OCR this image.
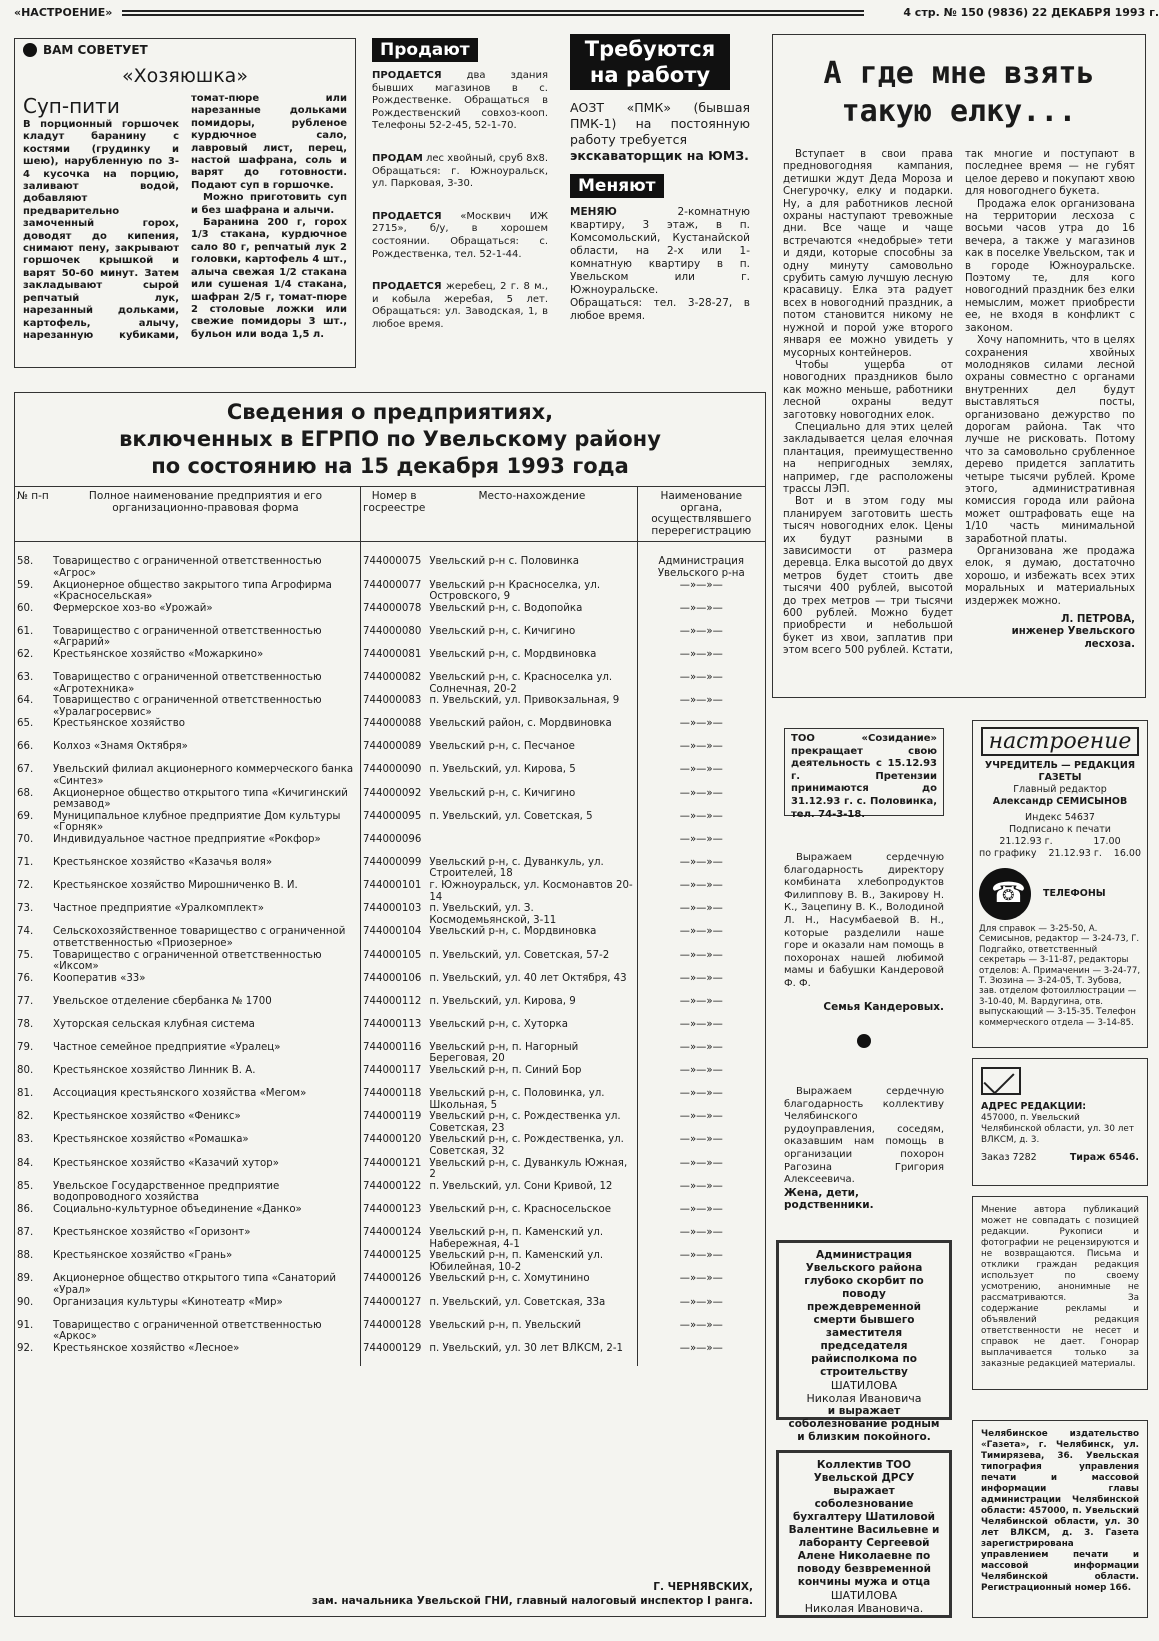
«НАСТРОЕНИЕ»	4 стр. № 150 (9836) 22 ДЕКАБРЯ 1993 г.
ВАМ СОВЕТУЕТ
«Хозяюшка»
Суп-пити

В порционный горшочек кладут баранину с костями (грудинку и шею), нарубленную по 3-4 кусочка на порцию, заливают водой, добавляют предварительно замоченный горох, доводят до кипения, снимают пену, закрывают горшочек крышкой и варят 50-60 минут. Затем закладывают сырой репчатый лук, нарезанный дольками, картофель, алычу, нарезанную кубиками, томат-пюре или нарезанные дольками помидоры, рубленое курдючное сало, лавровый лист, перец, настой шафрана, соль и варят до готовности. Подают суп в горшочке.

Можно приготовить суп и без шафрана и алычи.

Баранина 200 г, горох 1/3 стакана, курдючное сало 80 г, репчатый лук 2 головки, картофель 4 шт., алыча свежая 1/2 стакана или сушеная 1/4 стакана, шафран 2/5 г, томат-пюре 2 столовые ложки или свежие помидоры 3 шт., бульон или вода 1,5 л.

Продают

ПРОДАЕТСЯ	два здания бывших магазинов в с. Рождественке. Обращаться в Рождественский совхоз-кооп. Телефоны 52-2-45, 52-1-70.

ПРОДАМ лес хвойный, сруб 8х8. Обращаться: г. Южноуральск, ул. Парковая, 3-30.

ПРОДАЕТСЯ «Москвич ИЖ 2715», б/у, в хорошем состоянии. Обращаться: с. Рождественка, тел. 52-1-44.

ПРОДАЕТСЯ жеребец, 2 г. 8 м., и кобыла жеребая, 5 лет. Обращаться: ул. Заводская, 1, в любое время.

Требуются
на работу

АОЗТ «ПМК» (бывшая ПМК-1) на постоянную работу требуется

экскаваторщик на ЮМЗ.

Меняют

МЕНЯЮ	2-комнатную квартиру, 3 этаж, в п. Комсомольский, Кустанайской области, на 2-х или 1-комнатную квартиру в п. Увельском или г. Южноуральске.

Обращаться: тел. 3-28-27, в любое время.

А где мне взять такую елку...

Вступает в свои права предновогодняя кампания, детишки ждут Деда Мороза и Снегурочку, елку и подарки. Ну, а для работников лесной охраны наступают тревожные дни. Все чаще и чаще встречаются «недобрые» тети и дяди, которые способны за одну минуту самовольно срубить самую лучшую лесную красавицу. Елка эта радует всех в новогодний праздник, а потом становится никому не нужной и порой уже второго января ее можно увидеть у мусорных контейнеров.

Чтобы ущерба от новогодних праздников было как можно меньше, работники лесной охраны ведут заготовку новогодних елок.

Специально для этих целей закладывается целая елочная плантация, преимущественно на непригодных землях, например, где расположены трассы ЛЭП.

Вот и в этом году мы планируем заготовить шесть тысяч новогодних елок. Цены их будут разными в зависимости от размера деревца. Елка высотой до двух метров будет стоить две тысячи 400 рублей, высотой до трех метров — три тысячи 600 рублей. Можно будет приобрести и небольшой букет из хвои, заплатив при этом всего 500 рублей. Кстати, так многие и поступают в последнее время — не губят целое дерево и покупают хвою для новогоднего букета.

Продажа елок организована на территории лесхоза с восьми часов утра до 16 вечера, а также у магазинов как в поселке Увельском, так и в городе Южноуральске. Поэтому те, для кого новогодний праздник без елки немыслим, может приобрести ее, не входя в конфликт с законом.

Хочу напомнить, что в целях сохранения хвойных молодняков силами лесной охраны совместно с органами внутренних дел будут выставляться посты, организовано дежурство по дорогам района. Так что лучше не рисковать. Потому что за самовольно срубленное дерево придется заплатить четыре тысячи рублей. Кроме этого, административная комиссия города или района может оштрафовать еще на 1/10 часть минимальной заработной платы.

Организована же продажа елок, я думаю, достаточно хорошо, и избежать всех этих моральных и материальных издержек можно.

Л. ПЕТРОВА,

инженер Увельского лесхоза.

Сведения о предприятиях,
включенных в ЕГРПО по Увельскому району
по состоянию на 15 декабря 1993 года
№ п-п	Полное наименование предприятия и его организационно-правовая форма	Номер в госреестре	Место-нахождение	Наименование органа, осуществлявшего перерегистрацию
58.	Товарищество с ограниченной ответственностью «Агрос»	744000075	Увельский р-н с. Половинка	Администрация Увельского р-на
59.	Акционерное общество закрытого типа Агрофирма «Красносельская»	744000077	Увельский р-н Красноселка, ул. Островского, 9	—»—»—
60.	Фермерское хоз-во «Урожай»	744000078	Увельский р-н, с. Водопойка	—»—»—
61.	Товарищество с ограниченной ответственностью «Аграрий»	744000080	Увельский р-н, с. Кичигино	—»—»—
62.	Крестьянское хозяйство «Можаркино»	744000081	Увельский р-н, с. Мордвиновка	—»—»—
63.	Товарищество с ограниченной ответственностью «Агротехника»	744000082	Увельский р-н, с. Красноселка ул. Солнечная, 20-2	—»—»—
64.	Товарищество с ограниченной ответственностью «Уралагросервис»	744000083	п. Увельский, ул. Привокзальная, 9	—»—»—
65.	Крестьянское хозяйство	744000088	Увельский район, с. Мордвиновка	—»—»—
66.	Колхоз «Знамя Октября»	744000089	Увельский р-н, с. Песчаное	—»—»—
67.	Увельский филиал акционерного коммерческого банка «Синтез»	744000090	п. Увельский, ул. Кирова, 5	—»—»—
68.	Акционерное общество открытого типа «Кичигинский ремзавод»	744000092	Увельский р-н, с. Кичигино	—»—»—
69.	Муниципальное клубное предприятие Дом культуры «Горняк»	744000095	п. Увельский, ул. Советская, 5	—»—»—
70.	Индивидуальное частное предприятие «Рокфор»	744000096		—»—»—
71.	Крестьянское хозяйство «Казачья воля»	744000099	Увельский р-н, с. Дуванкуль, ул. Строителей, 18	—»—»—
72.	Крестьянское хозяйство Мирошниченко В. И.	744000101	г. Южноуральск, ул. Космонавтов 20-14	—»—»—
73.	Частное предприятие «Уралкомплект»	744000103	п. Увельский, ул. З. Космодемьянской, 3-11	—»—»—
74.	Сельскохозяйственное товарищество с ограниченной ответственностью «Приозерное»	744000104	Увельский р-н, с. Мордвиновка	—»—»—
75.	Товарищество с ограниченной ответственностью «Иксом»	744000105	п. Увельский, ул. Советская, 57-2	—»—»—
76.	Кооператив «33»	744000106	п. Увельский, ул. 40 лет Октября, 43	—»—»—
77.	Увельское отделение сбербанка № 1700	744000112	п. Увельский, ул. Кирова, 9	—»—»—
78.	Хуторская сельская клубная система	744000113	Увельский р-н, с. Хуторка	—»—»—
79.	Частное семейное предприятие «Уралец»	744000116	Увельский р-н, п. Нагорный Береговая, 20	—»—»—
80.	Крестьянское хозяйство Линник В. А.	744000117	Увельский р-н, п. Синий Бор	—»—»—
81.	Ассоциация крестьянского хозяйства «Мегом»	744000118	Увельский р-н, с. Половинка, ул. Школьная, 5	—»—»—
82.	Крестьянское хозяйство «Феникс»	744000119	Увельский р-н, с. Рождественка ул. Советская, 23	—»—»—
83.	Крестьянское хозяйство «Ромашка»	744000120	Увельский р-н, с. Рождественка, ул. Советская, 32	—»—»—
84.	Крестьянское хозяйство «Казачий хутор»	744000121	Увельский р-н, с. Дуванкуль Южная, 2	—»—»—
85.	Увельское Государственное предприятие водопроводного хозяйства	744000122	п. Увельский, ул. Сони Кривой, 12	—»—»—
86.	Социально-культурное объединение «Данко»	744000123	Увельский р-н, с. Красносельское	—»—»—
87.	Крестьянское хозяйство «Горизонт»	744000124	Увельский р-н, п. Каменский ул. Набережная, 4-1	—»—»—
88.	Крестьянское хозяйство «Грань»	744000125	Увельский р-н, п. Каменский ул. Юбилейная, 10-2	—»—»—
89.	Акционерное общество открытого типа «Санаторий «Урал»	744000126	Увельский р-н, с. Хомутинино	—»—»—
90.	Организация культуры «Кинотеатр «Мир»	744000127	п. Увельский, ул. Советская, 33а	—»—»—
91.	Товарищество с ограниченной ответственностью «Аркос»	744000128	Увельский р-н, п. Увельский	—»—»—
92.	Крестьянское хозяйство «Лесное»	744000129	п. Увельский, ул. 30 лет ВЛКСМ, 2-1	—»—»—
Г. ЧЕРНЯВСКИХ,
зам. начальника Увельской ГНИ, главный налоговый инспектор I ранга.

ТОО «Созидание» прекращает свою деятельность с 15.12.93 г. Претензии принимаются до 31.12.93 г. с. Половинка, тел. 74-3-18.

Выражаем сердечную благодарность директору комбината хлебопродуктов Филиппову В. В., Закирову Н. К., Зацепину В. К., Володиной Л. Н., Насумбаевой В. Н., которые разделили наше горе и оказали нам помощь в похоронах нашей любимой мамы и бабушки Кандеровой Ф. Ф.

Семья Кандеровых.

Выражаем сердечную благодарность коллективу Челябинского рудоуправления, соседям, оказавшим нам помощь в организации похорон Рагозина Григория Алексеевича.

Жена, дети, родственники.

Администрация Увельского района глубоко скорбит по поводу преждевременной смерти бывшего заместителя председателя райисполкома по строительству

ШАТИЛОВА

Николая Ивановича

и выражает соболезнование родным и близким покойного.

Коллектив ТОО Увельской ДРСУ выражает соболезнование бухгалтеру Шатиловой Валентине Васильевне и лаборанту Сергеевой Алене Николаевне по поводу безвременной кончины мужа и отца

ШАТИЛОВА

Николая Ивановича.

настроение

УЧРЕДИТЕЛЬ — РЕДАКЦИЯ ГАЗЕТЫ

Главный редактор

Александр СЕМИСЫНОВ

Индекс 54637

Подписано к печати

21.12.93 г.	17.00

по графику 21.12.93 г. 16.00

☎
ТЕЛЕФОНЫ

Для справок — 3-25-50, А. Семисынов, редактор — 3-24-73, Г. Подгайко, ответственный секретарь — 3-11-87, редакторы отделов: А. Примаченин — 3-24-77, Т. Зюзина — 3-24-05, Т. Зубова, зав. отделом фотоиллюстрации — 3-10-40, М. Вардугина, отв. выпускающий — 3-15-35. Телефон коммерческого отдела — 3-14-85.

АДРЕС РЕДАКЦИИ:

457000, п. Увельский Челябинской области, ул. 30 лет ВЛКСМ, д. 3.

Заказ 7282	Тираж 6546.

Мнение автора публикаций может не совпадать с позицией редакции. Рукописи и фотографии не рецензируются и не возвращаются. Письма и отклики граждан редакция использует по своему усмотрению, анонимные не рассматриваются. За содержание рекламы и объявлений редакция ответственности не несет и справок не дает. Гонорар выплачивается только за заказные редакцией материалы.

Челябинское издательство «Газета», г. Челябинск, ул. Тимирязева, 36. Увельская типография управления печати и массовой информации главы администрации Челябинской области: 457000, п. Увельский Челябинской области, ул. 30 лет ВЛКСМ, д. 3. Газета зарегистрирована управлением печати и массовой информации Челябинской области. Регистрационный номер 166.
